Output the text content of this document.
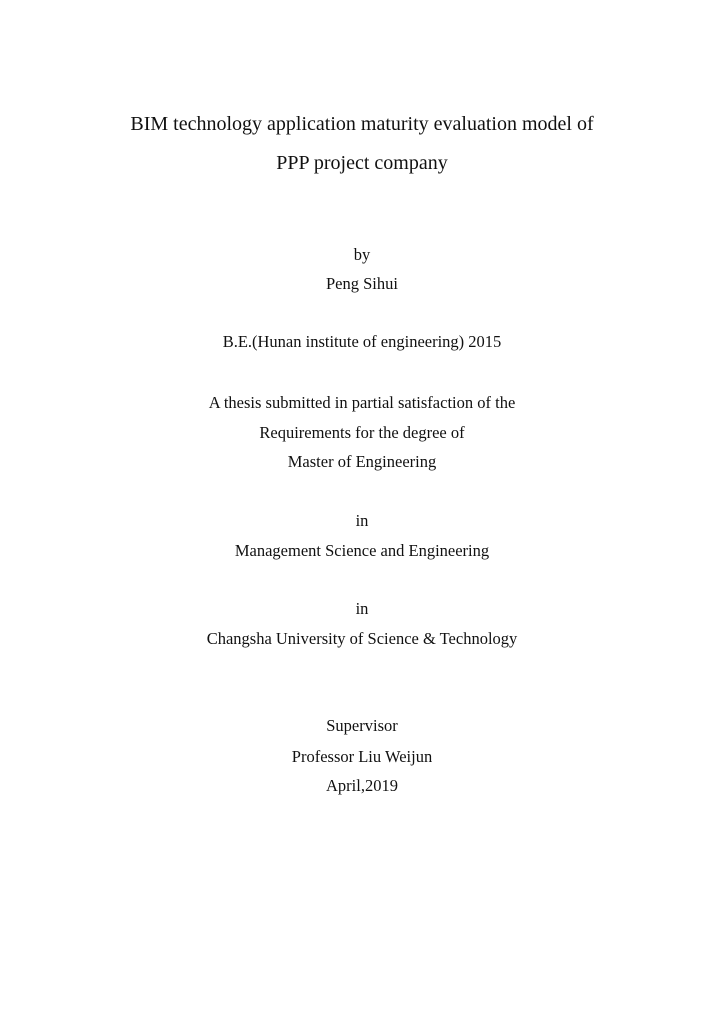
BIM technology application maturity evaluation model of
PPP project company
by
Peng Sihui
B.E.(Hunan institute of engineering) 2015
A thesis submitted in partial satisfaction of the
Requirements for the degree of
Master of Engineering
in
Management Science and Engineering
in
Changsha University of Science & Technology
Supervisor
Professor Liu Weijun
April,2019
